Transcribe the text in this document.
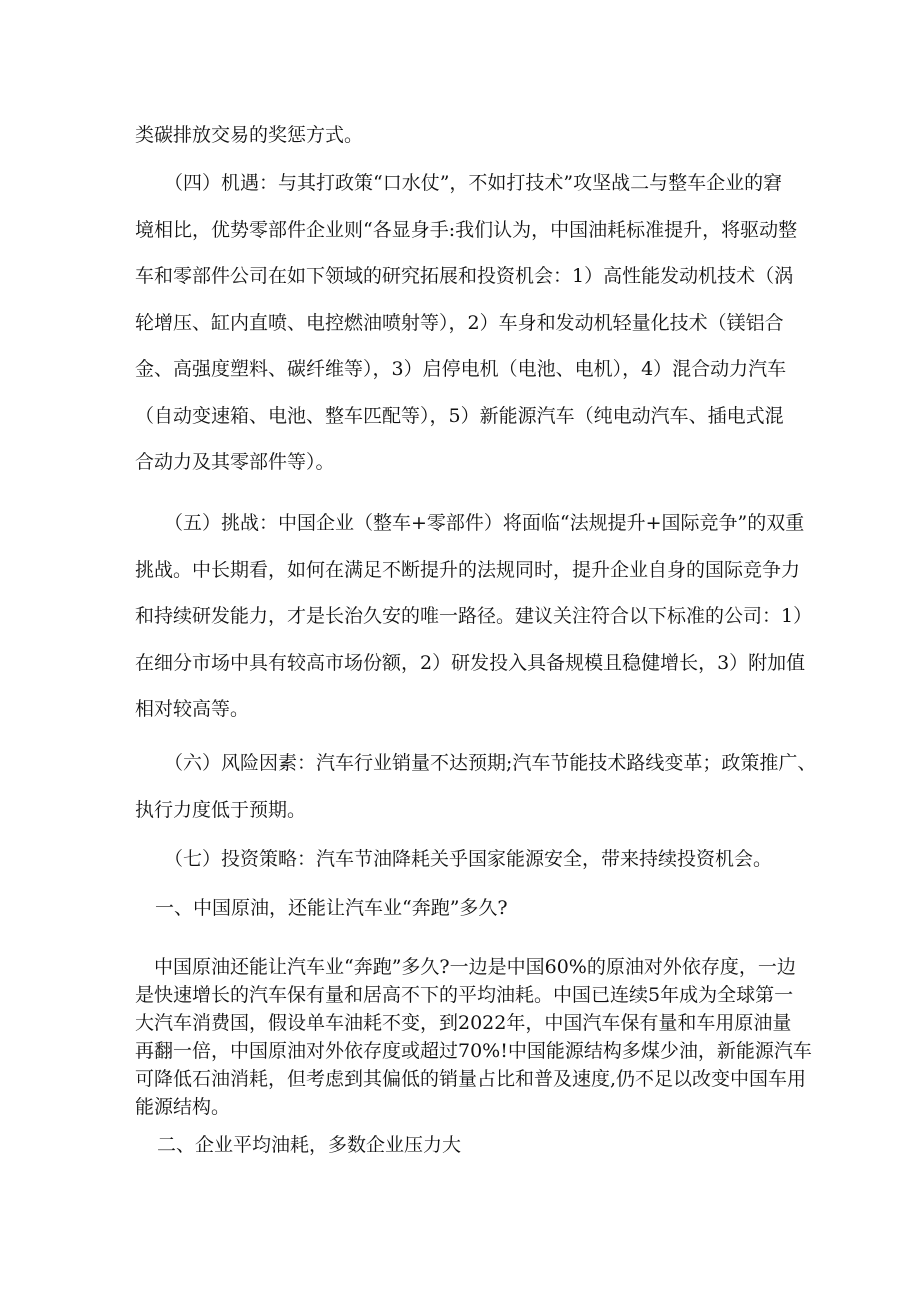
类碳排放交易的奖惩方式。
（四）机遇：与其打政策“口水仗”，不如打技术”攻坚战二与整车企业的窘
境相比，优势零部件企业则“各显身手:我们认为，中国油耗标准提升，将驱动整
车和零部件公司在如下领域的研究拓展和投资机会：1）高性能发动机技术（涡
轮增压、缸内直喷、电控燃油喷射等），2）车身和发动机轻量化技术（镁铝合
金、高强度塑料、碳纤维等），3）启停电机（电池、电机），4）混合动力汽车
（自动变速箱、电池、整车匹配等），5）新能源汽车（纯电动汽车、插电式混
合动力及其零部件等）。
（五）挑战：中国企业（整车+零部件）将面临“法规提升+国际竞争”的双重
挑战。中长期看，如何在满足不断提升的法规同时，提升企业自身的国际竞争力
和持续研发能力，才是长治久安的唯一路径。建议关注符合以下标准的公司：1）
在细分市场中具有较高市场份额，2）研发投入具备规模且稳健增长，3）附加值
相对较高等。
（六）风险因素：汽车行业销量不达预期;汽车节能技术路线变革；政策推广、
执行力度低于预期。
（七）投资策略：汽车节油降耗关乎国家能源安全，带来持续投资机会。
一、中国原油，还能让汽车业“奔跑”多久?
中国原油还能让汽车业“奔跑”多久?一边是中国60%的原油对外依存度，一边
是快速增长的汽车保有量和居高不下的平均油耗。中国已连续5年成为全球第一
大汽车消费国，假设单车油耗不变，到2022年，中国汽车保有量和车用原油量
再翻一倍，中国原油对外依存度或超过70%!中国能源结构多煤少油，新能源汽车
可降低石油消耗，但考虑到其偏低的销量占比和普及速度,仍不足以改变中国车用
能源结构。
二、企业平均油耗，多数企业压力大
